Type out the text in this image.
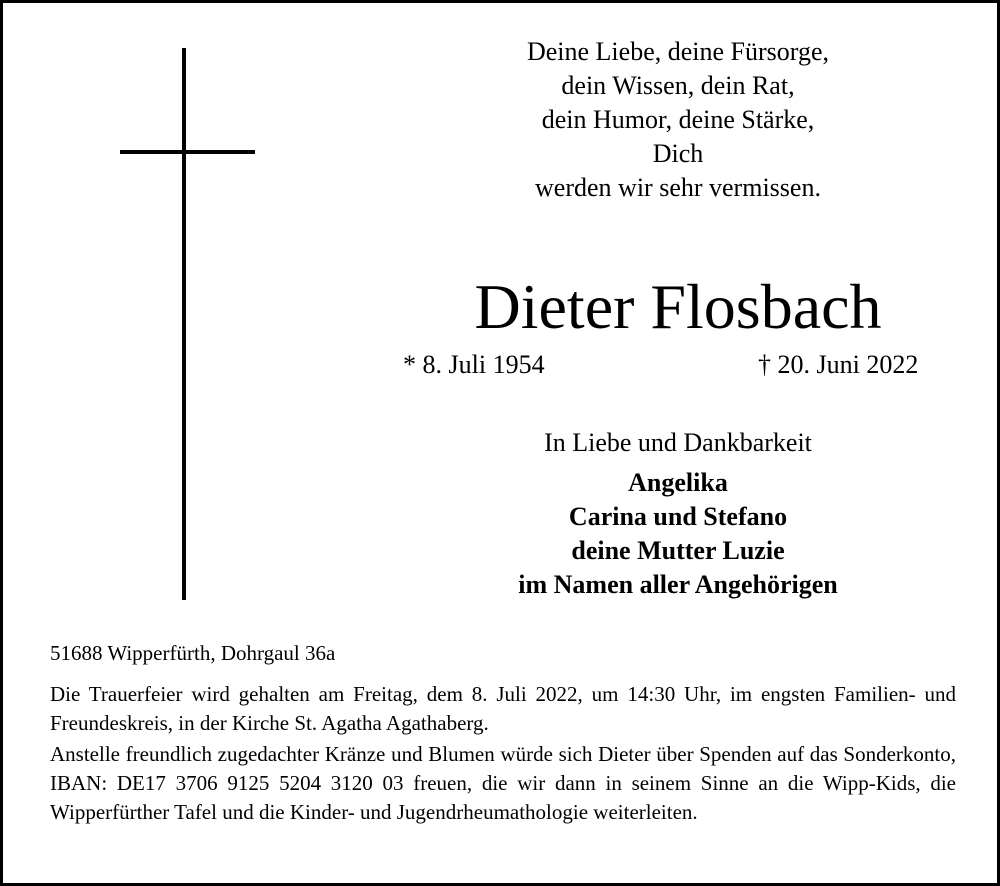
Deine Liebe, deine Fürsorge,
dein Wissen, dein Rat,
dein Humor, deine Stärke,
Dich
werden wir sehr vermissen.
Dieter Flosbach
* 8. Juli 1954	† 20. Juni 2022
In Liebe und Dankbarkeit
Angelika
Carina und Stefano
deine Mutter Luzie
im Namen aller Angehörigen
51688 Wipperfürth, Dohrgaul 36a
Die Trauerfeier wird gehalten am Freitag, dem 8. Juli 2022, um 14:30 Uhr, im engsten Familien- und Freundeskreis, in der Kirche St. Agatha Agathaberg.
Anstelle freundlich zugedachter Kränze und Blumen würde sich Dieter über Spenden auf das Sonderkonto, IBAN: DE17 3706 9125 5204 3120 03 freuen, die wir dann in seinem Sinne an die Wipp-Kids, die Wipperfürther Tafel und die Kinder- und Jugendrheumathologie weiterleiten.
